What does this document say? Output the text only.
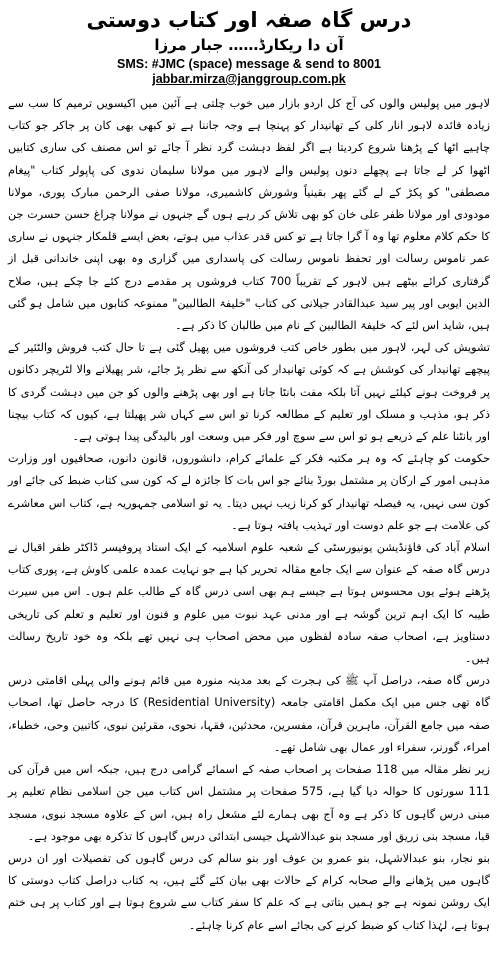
درس گاہ صفہ اور کتاب دوستی
آن دا ریکارڈ…… جبار مرزا
SMS: #JMC (space) message & send to 8001
jabbar.mirza@janggroup.com.pk

لاہور میں پولیس والوں کی آج کل اردو بازار میں خوب چلتی ہے آئین میں اکیسویں ترمیم کا سب سے زیادہ فائدہ لاہور انار کلی کے تھانیدار کو پہنچا ہے وجہ جاننا ہے تو کبھی بھی کان پر جاکر جو کتاب چاہیے اٹھا کے پڑھنا شروع کردیتا ہے اگر لفظ دہشت گرد نظر آ جائے تو اس مصنف کی ساری کتابیں اٹھوا کر لے جاتا ہے پچھلے دنوں پولیس والے لاہور میں مولانا سلیمان ندوی کی پاپولر کتاب "پیغام مصطفی" کو پکڑ کے لے گئے پھر بقینیاً وشورش کاشمیری، مولانا صفی الرحمن مبارک پوری، مولانا مودودی اور مولانا ظفر علی خان کو بھی تلاش کر رہے ہوں گے جنہوں نے مولانا چراغ حسن حسرت جن کا حکم کلام معلوم تھا وہ آ گرا جاتا ہے تو کس قدر عذاب میں ہوتے، بعض ایسے قلمکار جنہوں نے ساری عمر ناموس رسالت اور تحفظ ناموس رسالت کی پاسداری میں گزاری وہ بھی اپنی خاندانی قبل از گرفتاری کرائے بیٹھے ہیں لاہور کے تقریباً 700 کتاب فروشوں پر مقدمے درج کئے جا چکے ہیں، صلاح الدین ایوبی اور پیر سید عبدالقادر جیلانی کی کتاب "خلیفۃ الطالبین" ممنوعہ کتابوں میں شامل ہو گئی ہیں، شاید اس لئے کہ خلیفۃ الطالبین کے نام میں طالبان کا ذکر ہے۔

تشویش کی لہر، لاہور میں بطور خاص کتب فروشوں میں پھیل گئی ہے تا حال کتب فروش والٹئیر کے پیچھے تھانیدار کی کوشش ہے کہ کوئی تھانیدار کی آنکھ سے نظر پڑ جائے، شر پھیلانے والا لٹریچر دکانوں پر فروخت ہونے کیلئے نہیں آتا بلکہ مفت بانٹا جاتا ہے اور بھی پڑھنے والوں کو جن میں دہشت گردی کا ذکر ہو، مذہب و مسلک اور تعلیم کے مطالعہ کرنا تو اس سے کہاں شر پھیلتا ہے، کیوں کہ کتاب بیچنا اور بانٹنا علم کے ذریعے ہو تو اس سے سوچ اور فکر میں وسعت اور بالیدگی پیدا ہوتی ہے۔

حکومت کو چاہئے کہ وہ ہر مکتبہ فکر کے علمائے کرام، دانشوروں، قانون دانوں، صحافیوں اور وزارت مذہبی امور کے ارکان پر مشتمل بورڈ بنائے جو اس بات کا جائزہ لے کہ کون سی کتاب ضبط کی جائے اور کون سی نہیں، یہ فیصلہ تھانیدار کو کرنا زیب نہیں دیتا۔ یہ تو اسلامی جمہوریہ ہے، کتاب اس معاشرے کی علامت ہے جو علم دوست اور تہذیب یافتہ ہوتا ہے۔

اسلام آباد کی فاؤنڈیشن یونیورسٹی کے شعبہ علوم اسلامیہ کے ایک استاد پروفیسر ڈاکٹر ظفر اقبال نے درس گاہ صفہ کے عنوان سے ایک جامع مقالہ تحریر کیا ہے جو نہایت عمدہ علمی کاوش ہے، پوری کتاب پڑھتے ہوئے یوں محسوس ہوتا ہے جیسے ہم بھی اسی درس گاہ کے طالب علم ہوں۔ اس میں سیرت طیبہ کا ایک اہم ترین گوشہ ہے اور مدنی عہد نبوت میں علوم و فنون اور تعلیم و تعلم کی تاریخی دستاویز ہے، اصحاب صفہ سادہ لفظوں میں محض اصحاب ہی نہیں تھے بلکہ وہ خود تاریخ رسالت ہیں۔

درس گاہ صفہ، دراصل آپ ﷺ کی ہجرت کے بعد مدینہ منورہ میں قائم ہونے والی پہلی اقامتی درس گاہ تھی جس میں ایک مکمل اقامتی جامعہ (Residential University) کا درجہ حاصل تھا، اصحاب صفہ میں جامع القرآن، ماہرین قرآن، مفسرین، محدثین، فقہا، نحوی، مقرئین نبوی، کاتبین وحی، خطباء، امراء، گورنر، سفراء اور عمال بھی شامل تھے۔

زیر نظر مقالہ میں 118 صفحات پر اصحاب صفہ کے اسمائے گرامی درج ہیں، جبکہ اس میں قرآن کی 111 سورتوں کا حوالہ دیا گیا ہے، 575 صفحات پر مشتمل اس کتاب میں جن اسلامی نظام تعلیم پر مبنی درس گاہوں کا ذکر ہے وہ آج بھی ہمارے لئے مشعل راہ ہیں، اس کے علاوہ مسجد نبوی، مسجد قبا، مسجد بنی زریق اور مسجد بنو عبدالاشہل جیسی ابتدائی درس گاہوں کا تذکرہ بھی موجود ہے۔

بنو نجار، بنو عبدالاشہل، بنو عمرو بن عوف اور بنو سالم کی درس گاہوں کی تفصیلات اور ان درس گاہوں میں پڑھانے والے صحابہ کرام کے حالات بھی بیان کئے گئے ہیں، یہ کتاب دراصل کتاب دوستی کا ایک روشن نمونہ ہے جو ہمیں بتاتی ہے کہ علم کا سفر کتاب سے شروع ہوتا ہے اور کتاب پر ہی ختم ہوتا ہے، لہٰذا کتاب کو ضبط کرنے کی بجائے اسے عام کرنا چاہئے۔
